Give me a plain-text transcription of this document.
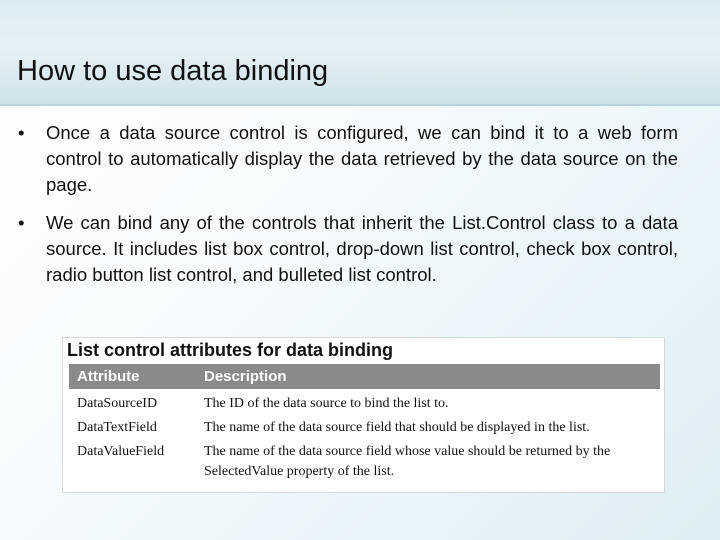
How to use data binding
• Once a data source control is configured, we can bind it to a web form control to automatically display the data retrieved by the data source on the page.
• We can bind any of the controls that inherit the List.Control class to a data source. It includes list box control, drop-down list control, check box control, radio button list control, and bulleted list control.
List control attributes for data binding
Attribute	Description
DataSourceID	The ID of the data source to bind the list to.
DataTextField	The name of the data source field that should be displayed in the list.
DataValueField	The name of the data source field whose value should be returned by the SelectedValue property of the list.
